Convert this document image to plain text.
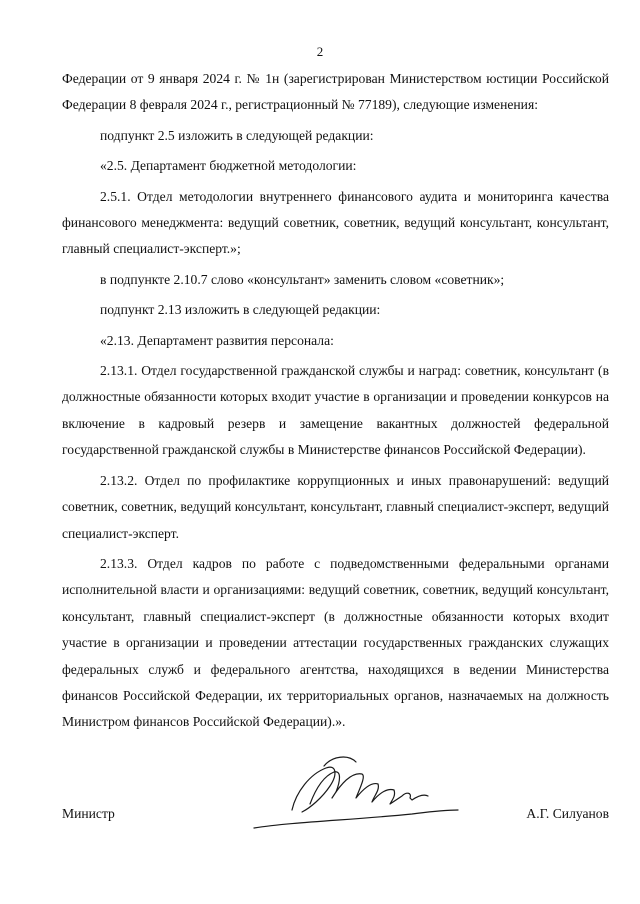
2

Федерации от 9 января 2024 г. № 1н (зарегистрирован Министерством юстиции Российской Федерации 8 февраля 2024 г., регистрационный № 77189), следующие изменения:

подпункт 2.5 изложить в следующей редакции:

«2.5. Департамент бюджетной методологии:

2.5.1. Отдел методологии внутреннего финансового аудита и мониторинга качества финансового менеджмента: ведущий советник, советник, ведущий консультант, консультант, главный специалист-эксперт.»;

в подпункте 2.10.7 слово «консультант» заменить словом «советник»;

подпункт 2.13 изложить в следующей редакции:

«2.13. Департамент развития персонала:

2.13.1. Отдел государственной гражданской службы и наград: советник, консультант (в должностные обязанности которых входит участие в организации и проведении конкурсов на включение в кадровый резерв и замещение вакантных должностей федеральной государственной гражданской службы в Министерстве финансов Российской Федерации).

2.13.2. Отдел по профилактике коррупционных и иных правонарушений: ведущий советник, советник, ведущий консультант, консультант, главный специалист-эксперт, ведущий специалист-эксперт.

2.13.3. Отдел кадров по работе с подведомственными федеральными органами исполнительной власти и организациями: ведущий советник, советник, ведущий консультант, консультант, главный специалист-эксперт (в должностные обязанности которых входит участие в организации и проведении аттестации государственных гражданских служащих федеральных служб и федерального агентства, находящихся в ведении Министерства финансов Российской Федерации, их территориальных органов, назначаемых на должность Министром финансов Российской Федерации).».

Министр	А.Г. Силуанов
